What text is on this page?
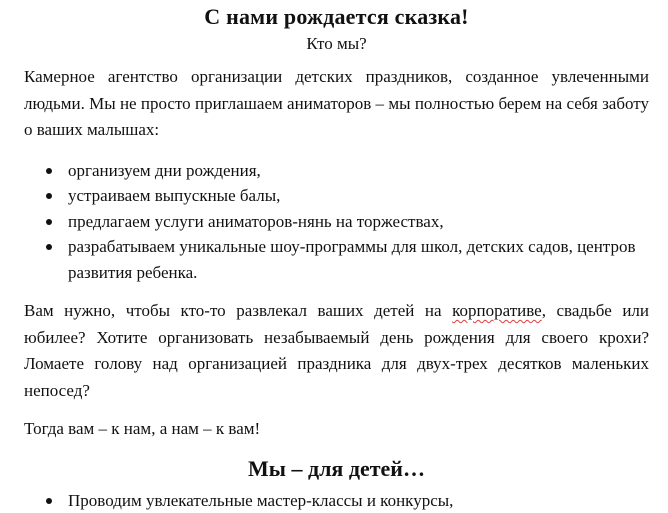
С нами рождается сказка!

Кто мы?

Камерное агентство организации детских праздников, созданное увлеченными людьми. Мы не просто приглашаем аниматоров – мы полностью берем на себя заботу о ваших малышах:

организуем дни рождения,
устраиваем выпускные балы,
предлагаем услуги аниматоров-нянь на торжествах,
разрабатываем уникальные шоу-программы для школ, детских садов, центров развития ребенка.

Вам нужно, чтобы кто-то развлекал ваших детей на корпоративе, свадьбе или юбилее? Хотите организовать незабываемый день рождения для своего крохи? Ломаете голову над организацией праздника для двух-трех десятков маленьких непосед?

Тогда вам – к нам, а нам – к вам!

Мы – для детей…
Проводим увлекательные мастер-классы и конкурсы,
